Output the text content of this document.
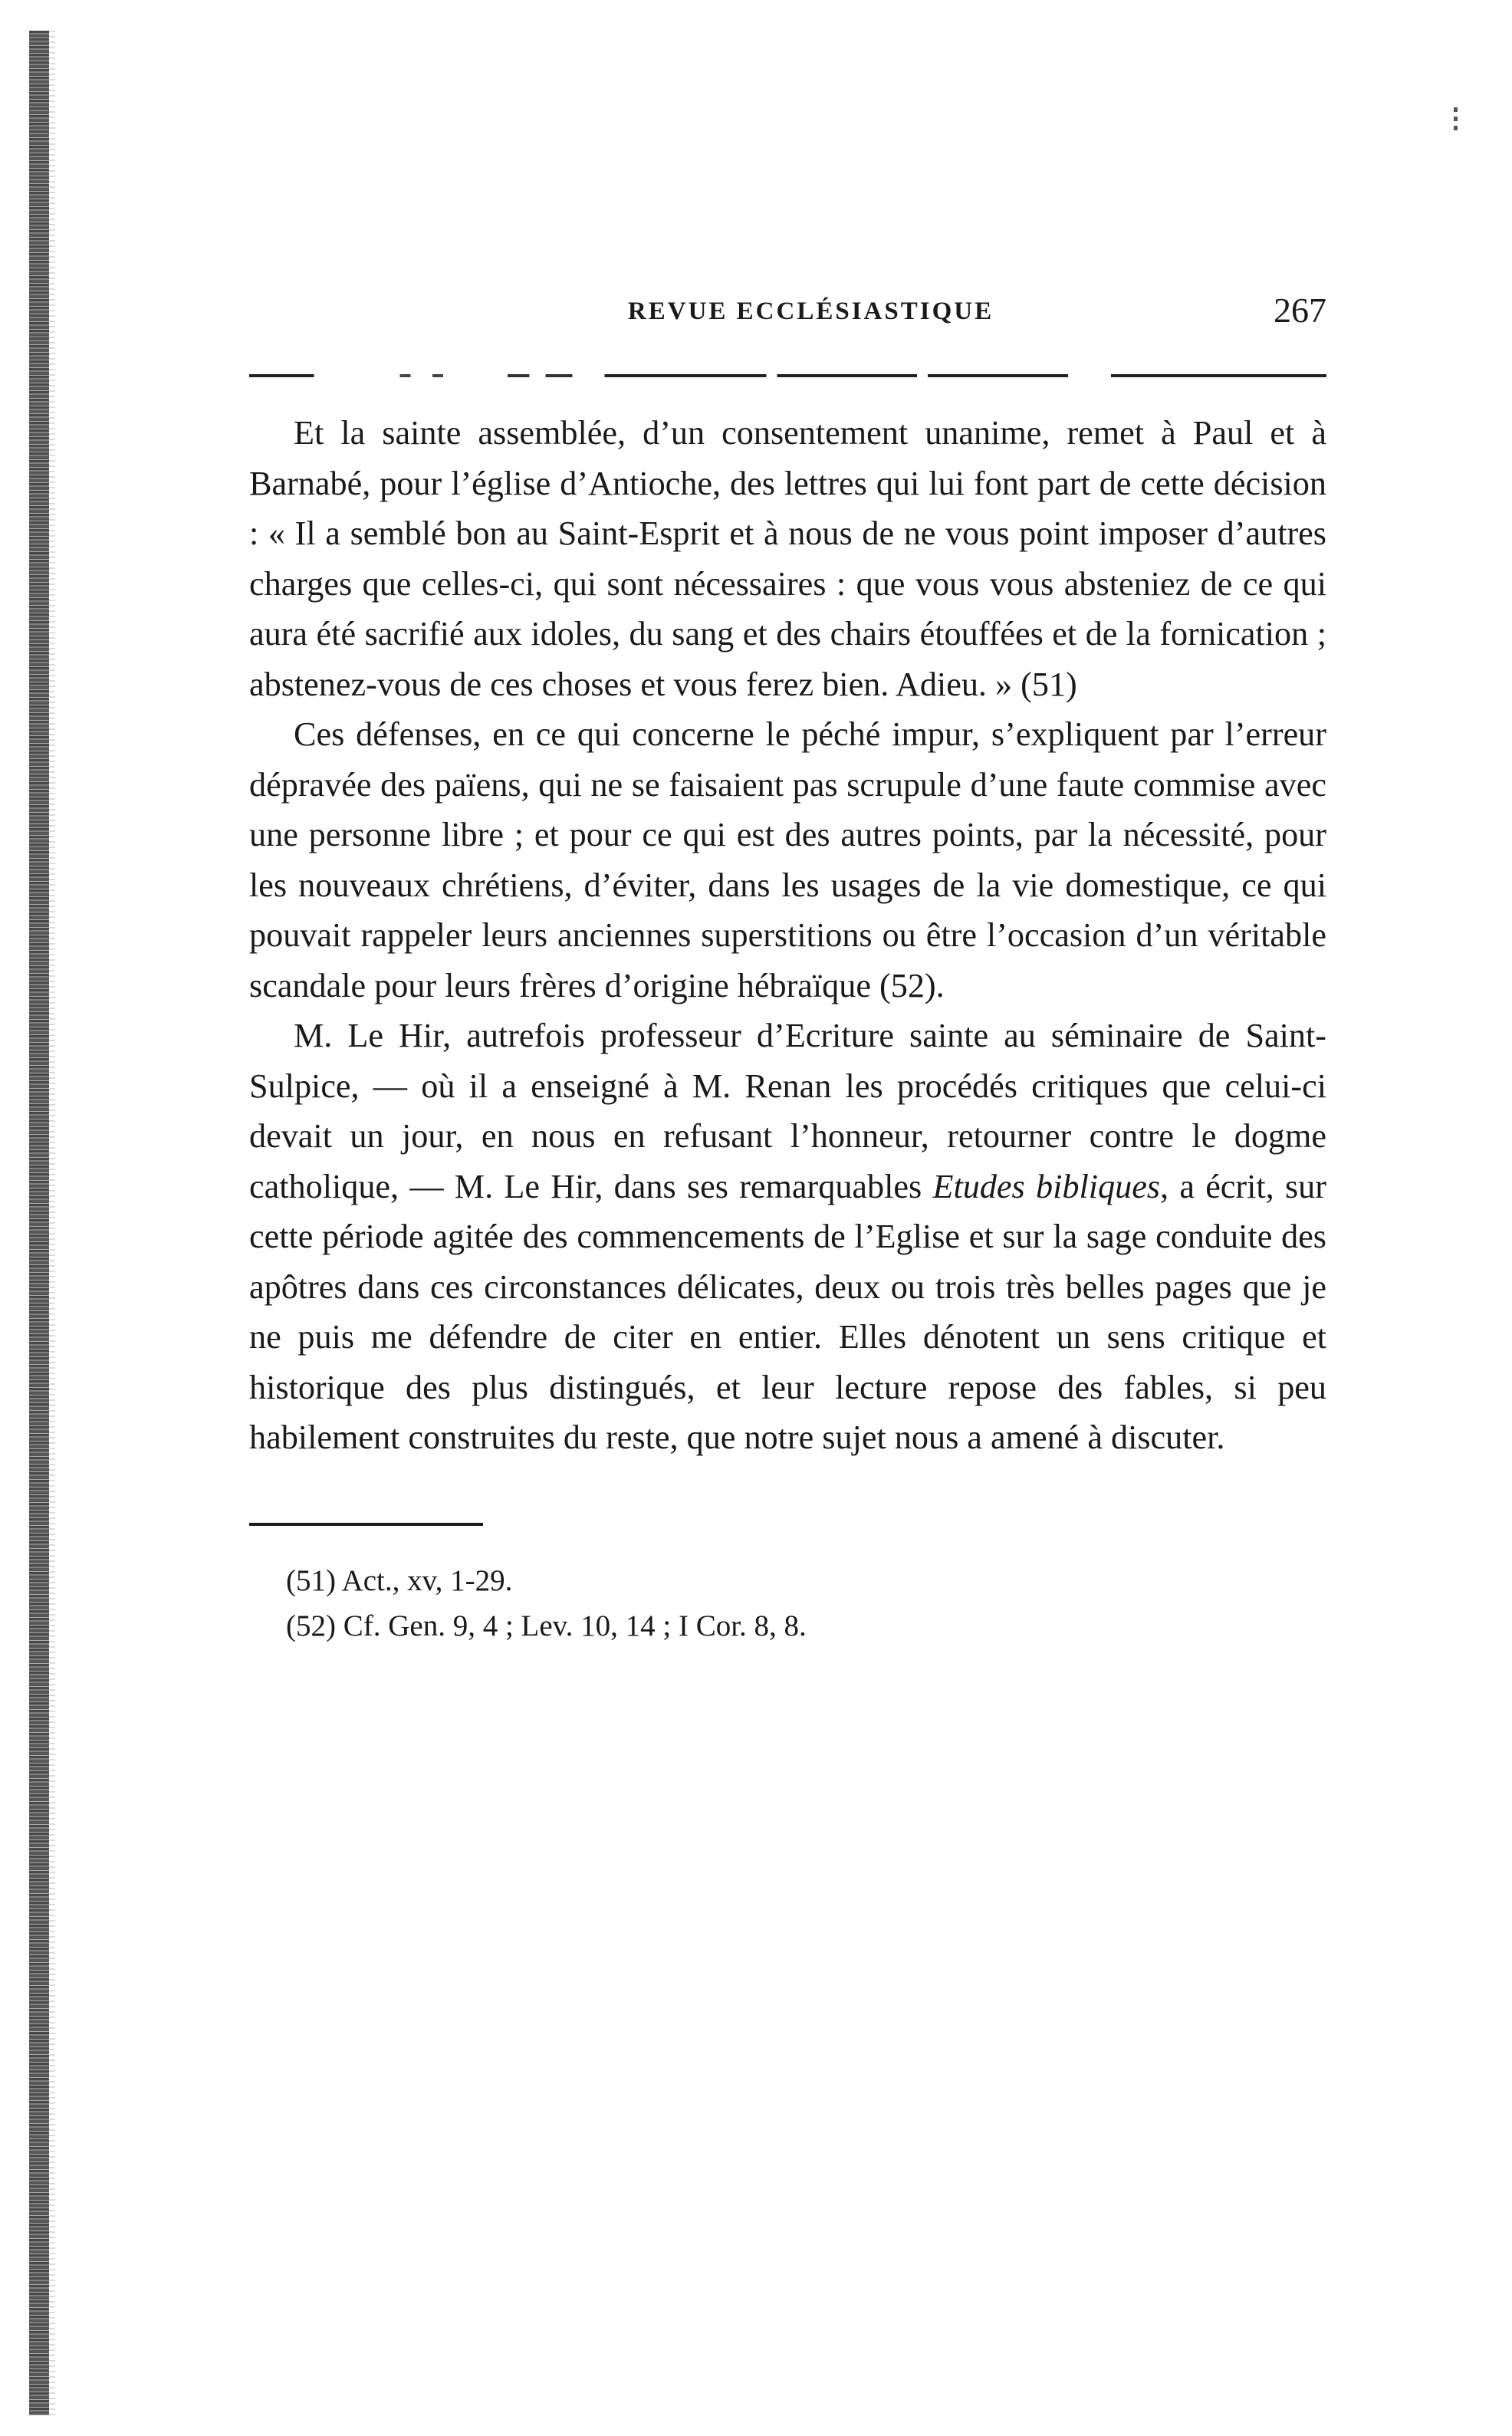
REVUE ECCLÉSIASTIQUE	267

Et la sainte assemblée, d’un consentement unanime, remet à Paul et à Barnabé, pour l’église d’Antioche, des lettres qui lui font part de cette décision : « Il a semblé bon au Saint-Esprit et à nous de ne vous point imposer d’autres charges que celles-ci, qui sont nécessaires : que vous vous absteniez de ce qui aura été sacrifié aux idoles, du sang et des chairs étouffées et de la fornication ; abstenez-vous de ces choses et vous ferez bien. Adieu. » (51)

Ces défenses, en ce qui concerne le péché impur, s’expliquent par l’erreur dépravée des païens, qui ne se faisaient pas scrupule d’une faute commise avec une personne libre ; et pour ce qui est des autres points, par la nécessité, pour les nouveaux chrétiens, d’éviter, dans les usages de la vie domestique, ce qui pouvait rappeler leurs anciennes superstitions ou être l’occasion d’un véritable scandale pour leurs frères d’origine hébraïque (52).

M. Le Hir, autrefois professeur d’Ecriture sainte au séminaire de Saint-Sulpice, — où il a enseigné à M. Renan les procédés critiques que celui-ci devait un jour, en nous en refusant l’honneur, retourner contre le dogme catholique, — M. Le Hir, dans ses remarquables Etudes bibliques, a écrit, sur cette période agitée des commencements de l’Eglise et sur la sage conduite des apôtres dans ces circonstances délicates, deux ou trois très belles pages que je ne puis me défendre de citer en entier. Elles dénotent un sens critique et historique des plus distingués, et leur lecture repose des fables, si peu habilement construites du reste, que notre sujet nous a amené à discuter.

(51) Act., xv, 1-29.
(52) Cf. Gen. 9, 4 ; Lev. 10, 14 ; I Cor. 8, 8.
